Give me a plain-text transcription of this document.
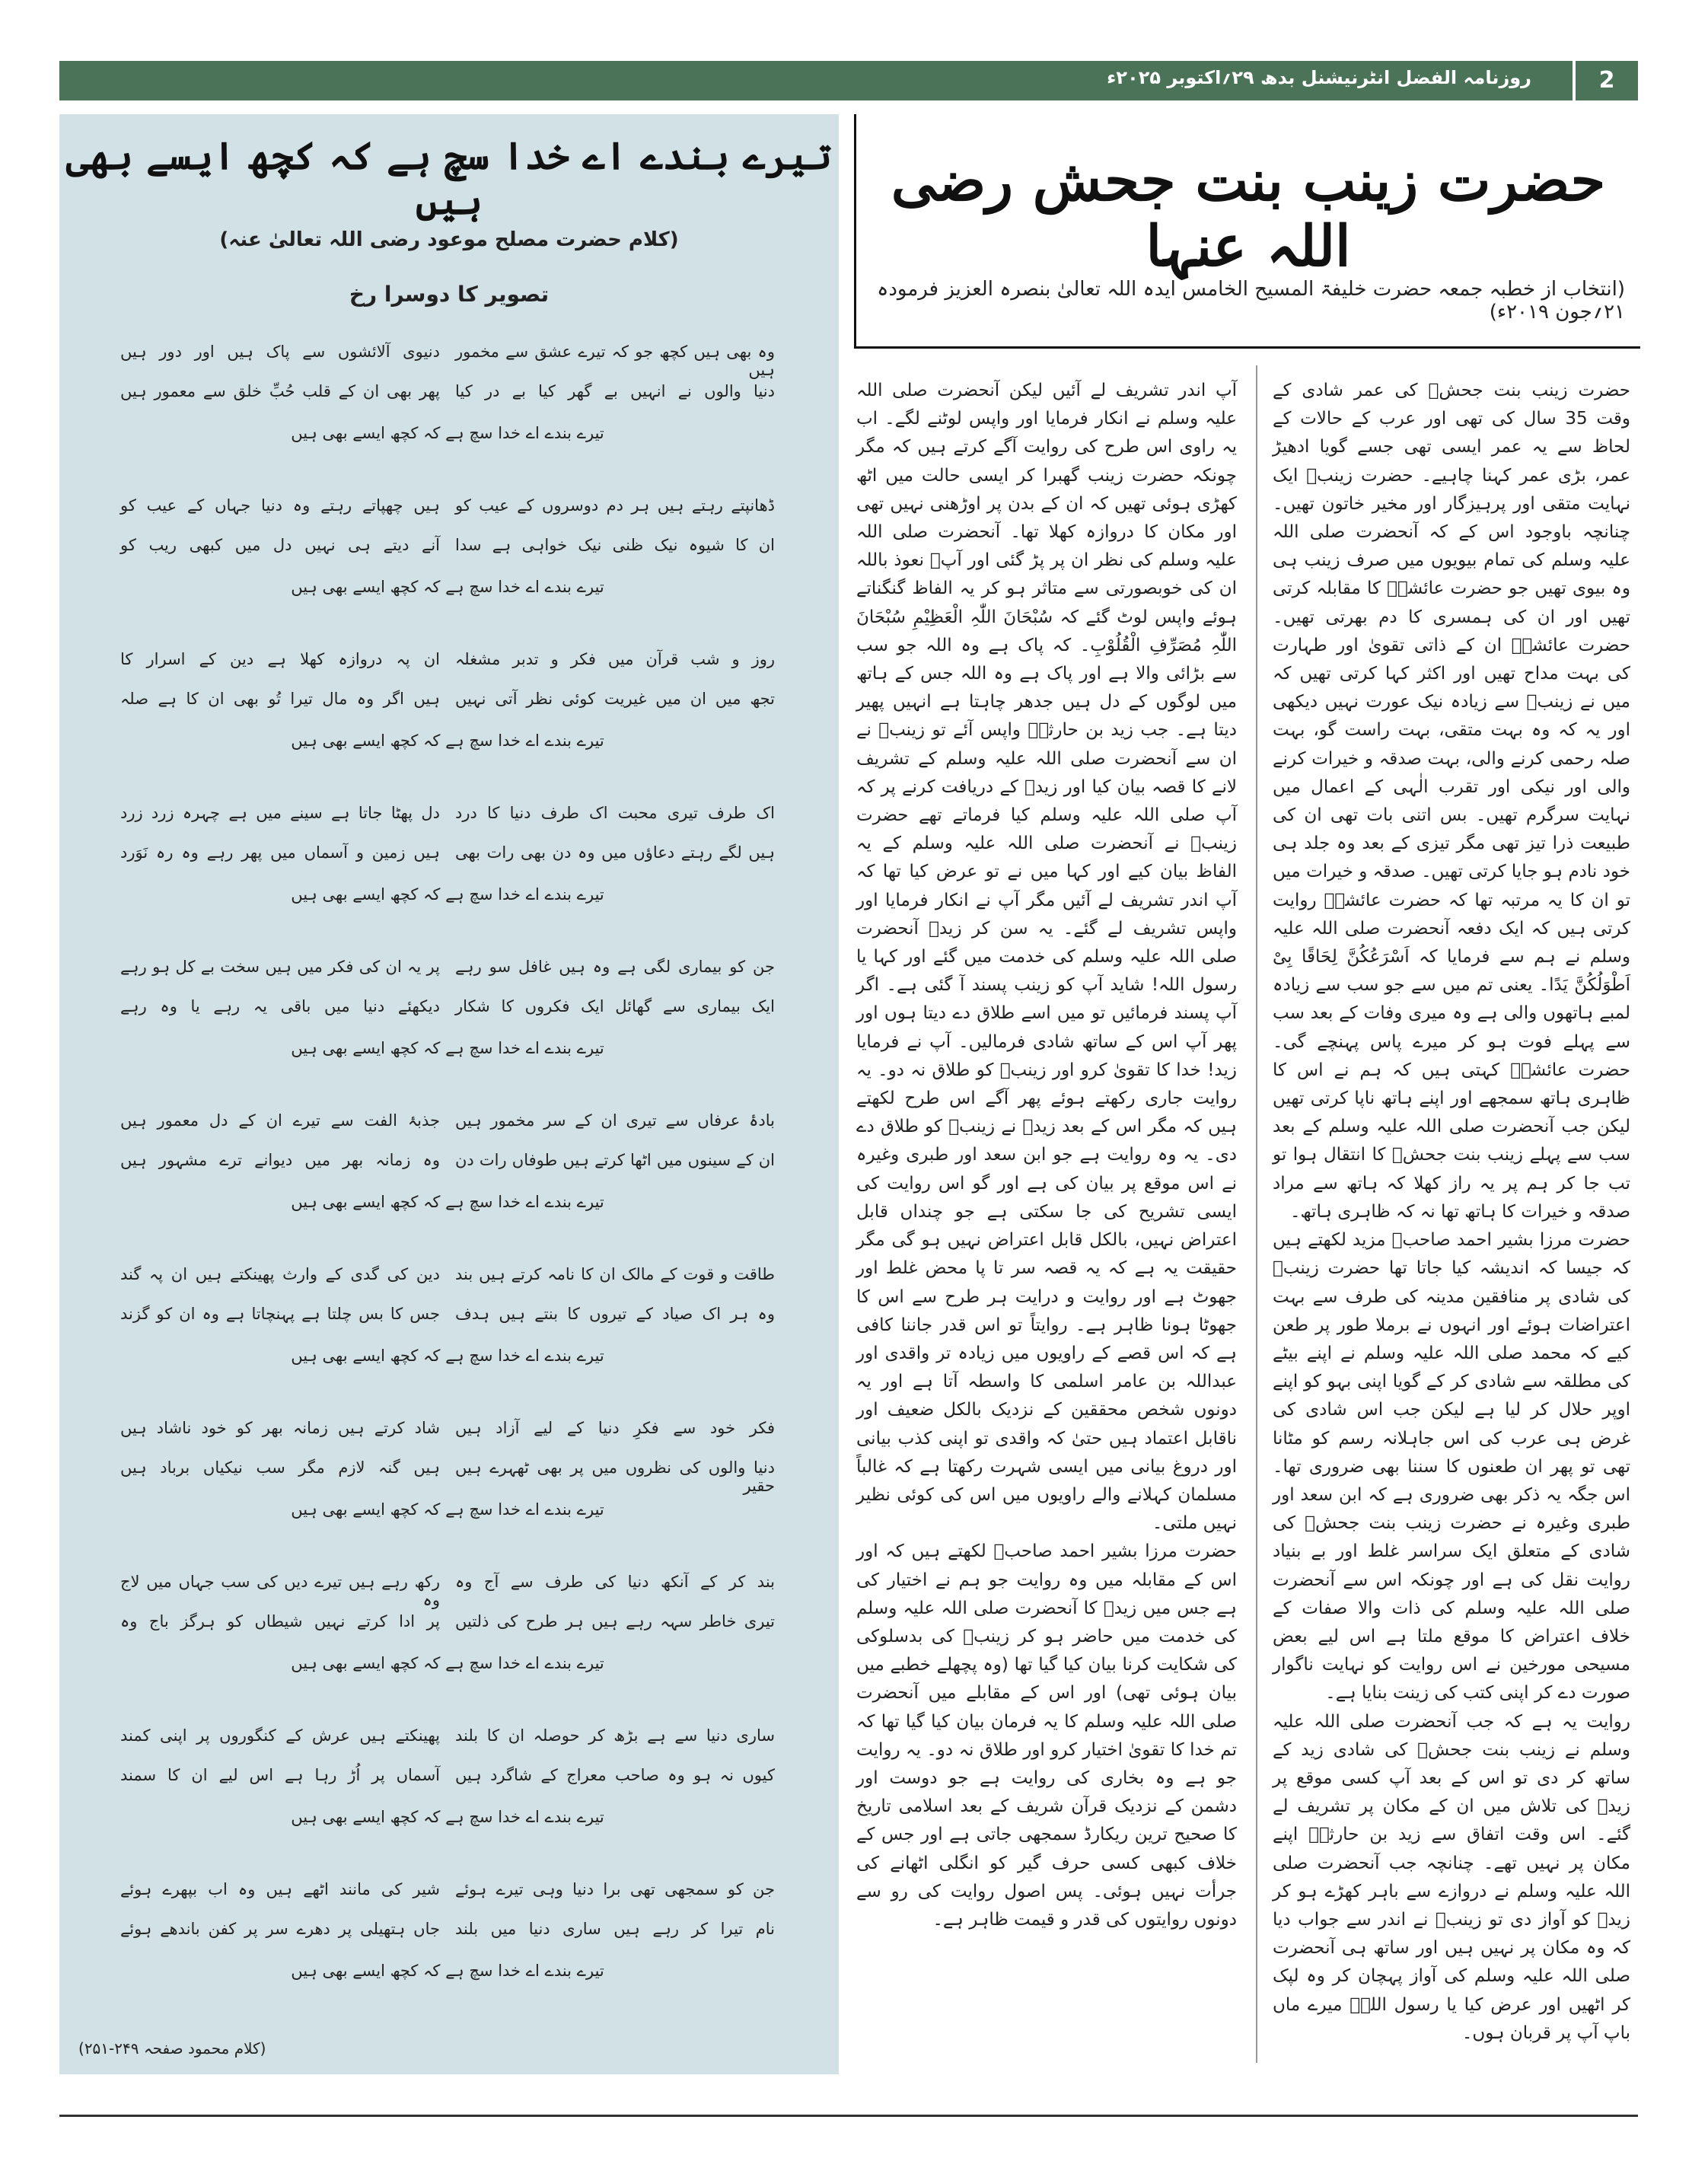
روزنامہ الفضل انٹرنیشنل بدھ ۲۹؍اکتوبر ۲۰۲۵ء	2
تیرے بندے اے خدا سچ ہے کہ کچھ ایسے بھی ہیں
(کلام حضرت مصلح موعود رضی اللہ تعالیٰ عنہ)
تصویر کا دوسرا رخ
وہ بھی ہیں کچھ جو کہ تیرے عشق سے مخمور ہیں
دنیوی آلائشوں سے پاک ہیں اور دور ہیں
دنیا والوں نے انہیں بے گھر کیا بے در کیا
پھر بھی ان کے قلب حُبِّ خلق سے معمور ہیں
تیرے بندے اے خدا سچ ہے کہ کچھ ایسے بھی ہیں
ڈھانپتے رہتے ہیں ہر دم دوسروں کے عیب کو
ہیں چھپاتے رہتے وہ دنیا جہاں کے عیب کو
ان کا شیوہ نیک ظنی نیک خواہی ہے سدا
آنے دیتے ہی نہیں دل میں کبھی ریب کو
تیرے بندے اے خدا سچ ہے کہ کچھ ایسے بھی ہیں
روز و شب قرآن میں فکر و تدبر مشغلہ
ان پہ دروازہ کھلا ہے دین کے اسرار کا
تجھ میں ان میں غیریت کوئی نظر آتی نہیں
ہیں اگر وہ مال تیرا تُو بھی ان کا ہے صلہ
تیرے بندے اے خدا سچ ہے کہ کچھ ایسے بھی ہیں
اک طرف تیری محبت اک طرف دنیا کا درد
دل پھٹا جاتا ہے سینے میں ہے چہرہ زرد زرد
ہیں لگے رہتے دعاؤں میں وہ دن بھی رات بھی
ہیں زمین و آسماں میں پھر رہے وہ رہ نَوَرد
تیرے بندے اے خدا سچ ہے کہ کچھ ایسے بھی ہیں
جن کو بیماری لگی ہے وہ ہیں غافل سو رہے
پر یہ ان کی فکر میں ہیں سخت بے کل ہو رہے
ایک بیماری سے گھائل ایک فکروں کا شکار
دیکھئے دنیا میں باقی یہ رہے یا وہ رہے
تیرے بندے اے خدا سچ ہے کہ کچھ ایسے بھی ہیں
بادۂ عرفاں سے تیری ان کے سر مخمور ہیں
جذبۂ الفت سے تیرے ان کے دل معمور ہیں
ان کے سینوں میں اٹھا کرتے ہیں طوفاں رات دن
وہ زمانہ بھر میں دیوانے ترے مشہور ہیں
تیرے بندے اے خدا سچ ہے کہ کچھ ایسے بھی ہیں
طاقت و قوت کے مالک ان کا نامہ کرتے ہیں بند
دین کی گدی کے وارث پھینکتے ہیں ان پہ گند
وہ ہر اک صیاد کے تیروں کا بنتے ہیں ہدف
جس کا بس چلتا ہے پہنچاتا ہے وہ ان کو گزند
تیرے بندے اے خدا سچ ہے کہ کچھ ایسے بھی ہیں
فکر خود سے فکرِ دنیا کے لیے آزاد ہیں
شاد کرتے ہیں زمانہ بھر کو خود ناشاد ہیں
دنیا والوں کی نظروں میں پر بھی ٹھہرے ہیں حقیر
ہیں گنہ لازم مگر سب نیکیاں برباد ہیں
تیرے بندے اے خدا سچ ہے کہ کچھ ایسے بھی ہیں
بند کر کے آنکھ دنیا کی طرف سے آج وہ
رکھ رہے ہیں تیرے دیں کی سب جہاں میں لاج وہ
تیری خاطر سہہ رہے ہیں ہر طرح کی ذلتیں
پر ادا کرتے نہیں شیطاں کو ہرگز باج وہ
تیرے بندے اے خدا سچ ہے کہ کچھ ایسے بھی ہیں
ساری دنیا سے ہے بڑھ کر حوصلہ ان کا بلند
پھینکتے ہیں عرش کے کنگوروں پر اپنی کمند
کیوں نہ ہو وہ صاحب معراج کے شاگرد ہیں
آسماں پر اُڑ رہا ہے اس لیے ان کا سمند
تیرے بندے اے خدا سچ ہے کہ کچھ ایسے بھی ہیں
جن کو سمجھی تھی برا دنیا وہی تیرے ہوئے
شیر کی مانند اٹھے ہیں وہ اب بپھرے ہوئے
نام تیرا کر رہے ہیں ساری دنیا میں بلند
جاں ہتھیلی پر دھرے سر پر کفن باندھے ہوئے
تیرے بندے اے خدا سچ ہے کہ کچھ ایسے بھی ہیں
(کلام محمود صفحہ ۲۴۹-۲۵۱)
حضرت زینب بنت جحش رضی اللہ عنہا
(انتخاب از خطبہ جمعہ حضرت خلیفۃ المسیح الخامس ایدہ اللہ تعالیٰ بنصرہ العزیز فرمودہ ۲۱؍جون ۲۰۱۹ء)

حضرت زینب بنت جحشؓ کی عمر شادی کے وقت 35 سال کی تھی اور عرب کے حالات کے لحاظ سے یہ عمر ایسی تھی جسے گویا ادھیڑ عمر، بڑی عمر کہنا چاہیے۔ حضرت زینبؓ ایک نہایت متقی اور پرہیزگار اور مخیر خاتون تھیں۔ چنانچہ باوجود اس کے کہ آنحضرت صلی اللہ علیہ وسلم کی تمام بیویوں میں صرف زینب ہی وہ بیوی تھیں جو حضرت عائشہؓ کا مقابلہ کرتی تھیں اور ان کی ہمسری کا دم بھرتی تھیں۔ حضرت عائشہؓ ان کے ذاتی تقویٰ اور طہارت کی بہت مداح تھیں اور اکثر کہا کرتی تھیں کہ میں نے زینبؓ سے زیادہ نیک عورت نہیں دیکھی اور یہ کہ وہ بہت متقی، بہت راست گو، بہت صلہ رحمی کرنے والی، بہت صدقہ و خیرات کرنے والی اور نیکی اور تقرب الٰہی کے اعمال میں نہایت سرگرم تھیں۔ بس اتنی بات تھی ان کی طبیعت ذرا تیز تھی مگر تیزی کے بعد وہ جلد ہی خود نادم ہو جایا کرتی تھیں۔ صدقہ و خیرات میں تو ان کا یہ مرتبہ تھا کہ حضرت عائشہؓ روایت کرتی ہیں کہ ایک دفعہ آنحضرت صلی اللہ علیہ وسلم نے ہم سے فرمایا کہ اَسْرَعُکُنَّ لِحَاقًا بِیْ اَطْوَلُکُنَّ یَدًا۔ یعنی تم میں سے جو سب سے زیادہ لمبے ہاتھوں والی ہے وہ میری وفات کے بعد سب سے پہلے فوت ہو کر میرے پاس پہنچے گی۔ حضرت عائشہؓ کہتی ہیں کہ ہم نے اس کا ظاہری ہاتھ سمجھے اور اپنے ہاتھ ناپا کرتی تھیں لیکن جب آنحضرت صلی اللہ علیہ وسلم کے بعد سب سے پہلے زینب بنت جحشؓ کا انتقال ہوا تو تب جا کر ہم پر یہ راز کھلا کہ ہاتھ سے مراد صدقہ و خیرات کا ہاتھ تھا نہ کہ ظاہری ہاتھ۔

حضرت مرزا بشیر احمد صاحبؓ مزید لکھتے ہیں کہ جیسا کہ اندیشہ کیا جاتا تھا حضرت زینبؓ کی شادی پر منافقین مدینہ کی طرف سے بہت اعتراضات ہوئے اور انہوں نے برملا طور پر طعن کیے کہ محمد صلی اللہ علیہ وسلم نے اپنے بیٹے کی مطلقہ سے شادی کر کے گویا اپنی بہو کو اپنے اوپر حلال کر لیا ہے لیکن جب اس شادی کی غرض ہی عرب کی اس جاہلانہ رسم کو مٹانا تھی تو پھر ان طعنوں کا سننا بھی ضروری تھا۔ اس جگہ یہ ذکر بھی ضروری ہے کہ ابن سعد اور طبری وغیرہ نے حضرت زینب بنت جحشؓ کی شادی کے متعلق ایک سراسر غلط اور بے بنیاد روایت نقل کی ہے اور چونکہ اس سے آنحضرت صلی اللہ علیہ وسلم کی ذات والا صفات کے خلاف اعتراض کا موقع ملتا ہے اس لیے بعض مسیحی مورخین نے اس روایت کو نہایت ناگوار صورت دے کر اپنی کتب کی زینت بنایا ہے۔

روایت یہ ہے کہ جب آنحضرت صلی اللہ علیہ وسلم نے زینب بنت جحشؓ کی شادی زید کے ساتھ کر دی تو اس کے بعد آپ کسی موقع پر زیدؓ کی تلاش میں ان کے مکان پر تشریف لے گئے۔ اس وقت اتفاق سے زید بن حارثہؓ اپنے مکان پر نہیں تھے۔ چنانچہ جب آنحضرت صلی اللہ علیہ وسلم نے دروازے سے باہر کھڑے ہو کر زیدؓ کو آواز دی تو زینبؓ نے اندر سے جواب دیا کہ وہ مکان پر نہیں ہیں اور ساتھ ہی آنحضرت صلی اللہ علیہ وسلم کی آواز پہچان کر وہ لپک کر اٹھیں اور عرض کیا یا رسول اللہؐ میرے ماں باپ آپ پر قربان ہوں۔

آپ اندر تشریف لے آئیں لیکن آنحضرت صلی اللہ علیہ وسلم نے انکار فرمایا اور واپس لوٹنے لگے۔ اب یہ راوی اس طرح کی روایت آگے کرتے ہیں کہ مگر چونکہ حضرت زینب گھبرا کر ایسی حالت میں اٹھ کھڑی ہوئی تھیں کہ ان کے بدن پر اوڑھنی نہیں تھی اور مکان کا دروازہ کھلا تھا۔ آنحضرت صلی اللہ علیہ وسلم کی نظر ان پر پڑ گئی اور آپؐ نعوذ باللہ ان کی خوبصورتی سے متاثر ہو کر یہ الفاظ گنگناتے ہوئے واپس لوٹ گئے کہ سُبْحَانَ اللّٰہِ الْعَظِیْمِ سُبْحَانَ اللّٰہِ مُصَرِّفِ الْقُلُوْبِ۔ کہ پاک ہے وہ اللہ جو سب سے بڑائی والا ہے اور پاک ہے وہ اللہ جس کے ہاتھ میں لوگوں کے دل ہیں جدھر چاہتا ہے انہیں پھیر دیتا ہے۔ جب زید بن حارثہؓ واپس آئے تو زینبؓ نے ان سے آنحضرت صلی اللہ علیہ وسلم کے تشریف لانے کا قصہ بیان کیا اور زیدؓ کے دریافت کرنے پر کہ آپ صلی اللہ علیہ وسلم کیا فرماتے تھے حضرت زینبؓ نے آنحضرت صلی اللہ علیہ وسلم کے یہ الفاظ بیان کیے اور کہا میں نے تو عرض کیا تھا کہ آپ اندر تشریف لے آئیں مگر آپ نے انکار فرمایا اور واپس تشریف لے گئے۔ یہ سن کر زیدؓ آنحضرت صلی اللہ علیہ وسلم کی خدمت میں گئے اور کہا یا رسول اللہ! شاید آپ کو زینب پسند آ گئی ہے۔ اگر آپ پسند فرمائیں تو میں اسے طلاق دے دیتا ہوں اور پھر آپ اس کے ساتھ شادی فرمالیں۔ آپ نے فرمایا زید! خدا کا تقویٰ کرو اور زینبؓ کو طلاق نہ دو۔ یہ روایت جاری رکھتے ہوئے پھر آگے اس طرح لکھتے ہیں کہ مگر اس کے بعد زیدؓ نے زینبؓ کو طلاق دے دی۔ یہ وہ روایت ہے جو ابن سعد اور طبری وغیرہ نے اس موقع پر بیان کی ہے اور گو اس روایت کی ایسی تشریح کی جا سکتی ہے جو چنداں قابل اعتراض نہیں، بالکل قابل اعتراض نہیں ہو گی مگر حقیقت یہ ہے کہ یہ قصہ سر تا پا محض غلط اور جھوٹ ہے اور روایت و درایت ہر طرح سے اس کا جھوٹا ہونا ظاہر ہے۔ روایتاً تو اس قدر جاننا کافی ہے کہ اس قصے کے راویوں میں زیادہ تر واقدی اور عبداللہ بن عامر اسلمی کا واسطہ آتا ہے اور یہ دونوں شخص محققین کے نزدیک بالکل ضعیف اور ناقابل اعتماد ہیں حتیٰ کہ واقدی تو اپنی کذب بیانی اور دروغ بیانی میں ایسی شہرت رکھتا ہے کہ غالباً مسلمان کہلانے والے راویوں میں اس کی کوئی نظیر نہیں ملتی۔

حضرت مرزا بشیر احمد صاحبؓ لکھتے ہیں کہ اور اس کے مقابلہ میں وہ روایت جو ہم نے اختیار کی ہے جس میں زیدؓ کا آنحضرت صلی اللہ علیہ وسلم کی خدمت میں حاضر ہو کر زینبؓ کی بدسلوکی کی شکایت کرنا بیان کیا گیا تھا (وہ پچھلے خطبے میں بیان ہوئی تھی) اور اس کے مقابلے میں آنحضرت صلی اللہ علیہ وسلم کا یہ فرمان بیان کیا گیا تھا کہ تم خدا کا تقویٰ اختیار کرو اور طلاق نہ دو۔ یہ روایت جو ہے وہ بخاری کی روایت ہے جو دوست اور دشمن کے نزدیک قرآن شریف کے بعد اسلامی تاریخ کا صحیح ترین ریکارڈ سمجھی جاتی ہے اور جس کے خلاف کبھی کسی حرف گیر کو انگلی اٹھانے کی جرأت نہیں ہوئی۔ پس اصول روایت کی رو سے دونوں روایتوں کی قدر و قیمت ظاہر ہے۔
